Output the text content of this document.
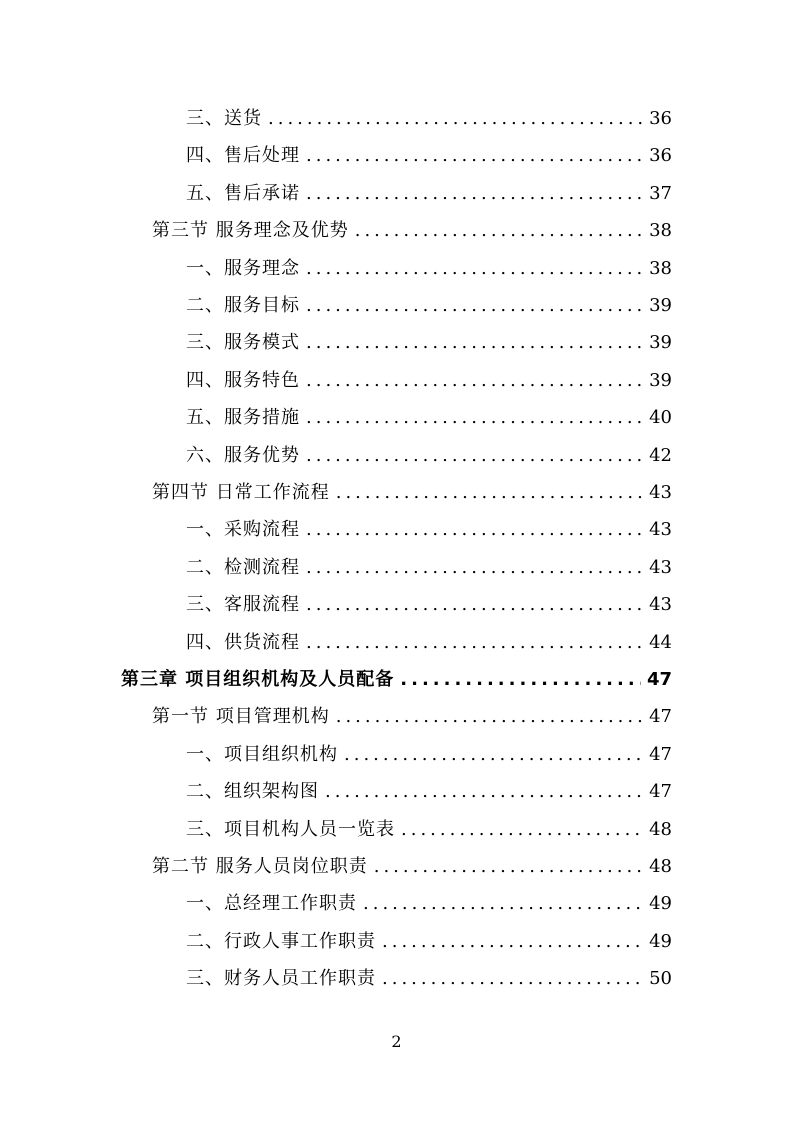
三、送货 .....	36
四、售后处理 .....	36
五、售后承诺 .....	37
第三节 服务理念及优势 .....	38
一、服务理念 .....	38
二、服务目标 .....	39
三、服务模式 .....	39
四、服务特色 .....	39
五、服务措施 .....	40
六、服务优势 .....	42
第四节 日常工作流程 .....	43
一、采购流程 .....	43
二、检测流程 .....	43
三、客服流程 .....	43
四、供货流程 .....	44
第三章 项目组织机构及人员配备 .....	47
第一节 项目管理机构 .....	47
一、项目组织机构 .....	47
二、组织架构图 .....	47
三、项目机构人员一览表 .....	48
第二节 服务人员岗位职责 .....	48
一、总经理工作职责 .....	49
二、行政人事工作职责 .....	49
三、财务人员工作职责 .....	50
2
